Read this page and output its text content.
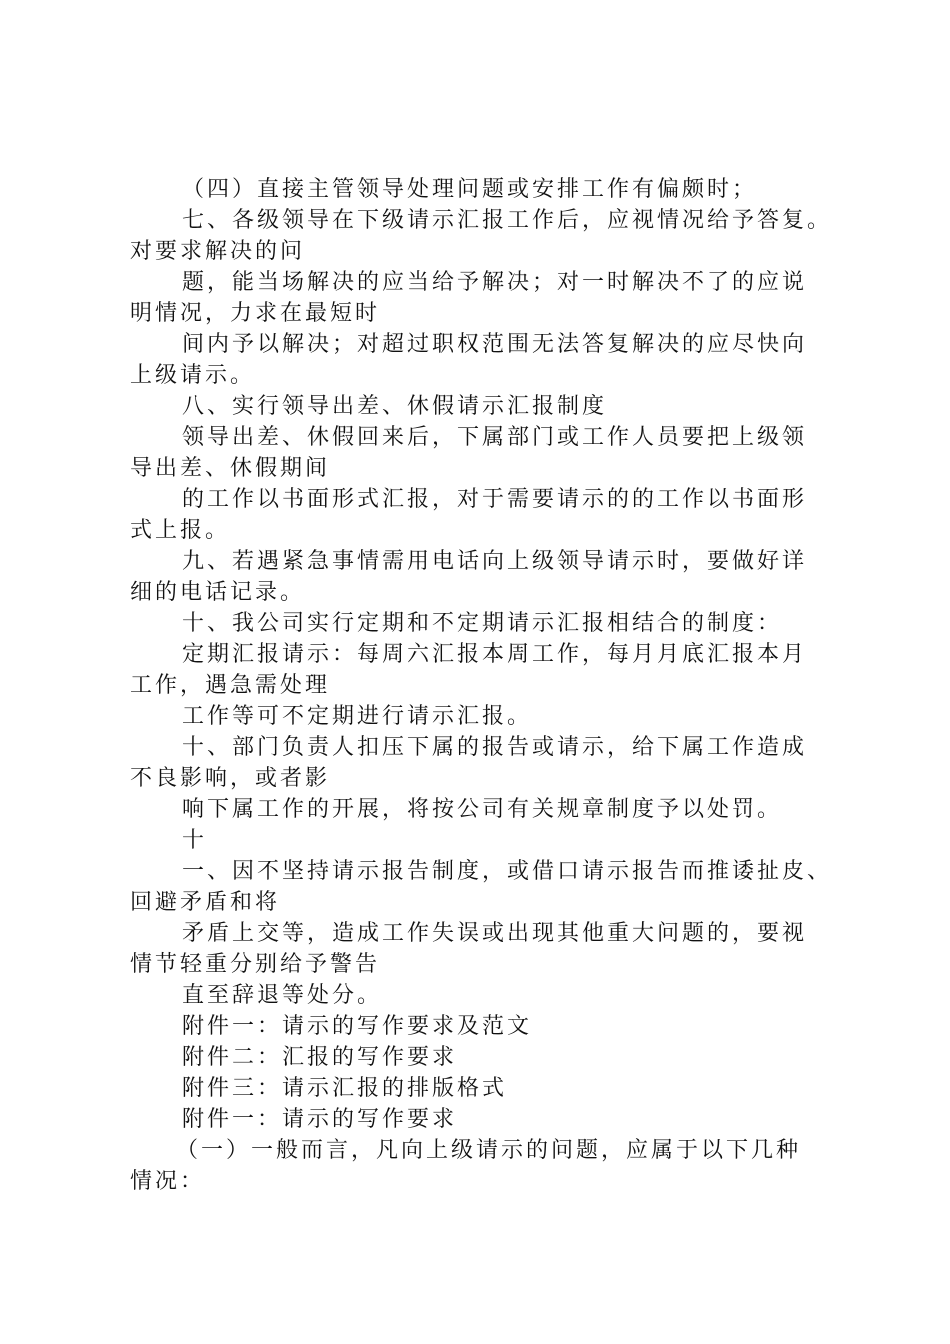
（四）直接主管领导处理问题或安排工作有偏颇时；
七、各级领导在下级请示汇报工作后，应视情况给予答复。
对要求解决的问
题，能当场解决的应当给予解决；对一时解决不了的应说
明情况，力求在最短时
间内予以解决；对超过职权范围无法答复解决的应尽快向
上级请示。
八、实行领导出差、休假请示汇报制度
领导出差、休假回来后，下属部门或工作人员要把上级领
导出差、休假期间
的工作以书面形式汇报，对于需要请示的的工作以书面形
式上报。
九、若遇紧急事情需用电话向上级领导请示时，要做好详
细的电话记录。
十、我公司实行定期和不定期请示汇报相结合的制度：
定期汇报请示：每周六汇报本周工作，每月月底汇报本月
工作，遇急需处理
工作等可不定期进行请示汇报。
十、部门负责人扣压下属的报告或请示，给下属工作造成
不良影响，或者影
响下属工作的开展，将按公司有关规章制度予以处罚。
十
一、因不坚持请示报告制度，或借口请示报告而推诿扯皮、
回避矛盾和将
矛盾上交等，造成工作失误或出现其他重大问题的，要视
情节轻重分别给予警告
直至辞退等处分。
附件一：请示的写作要求及范文
附件二：汇报的写作要求
附件三：请示汇报的排版格式
附件一：请示的写作要求
（一）一般而言，凡向上级请示的问题，应属于以下几种
情况：
